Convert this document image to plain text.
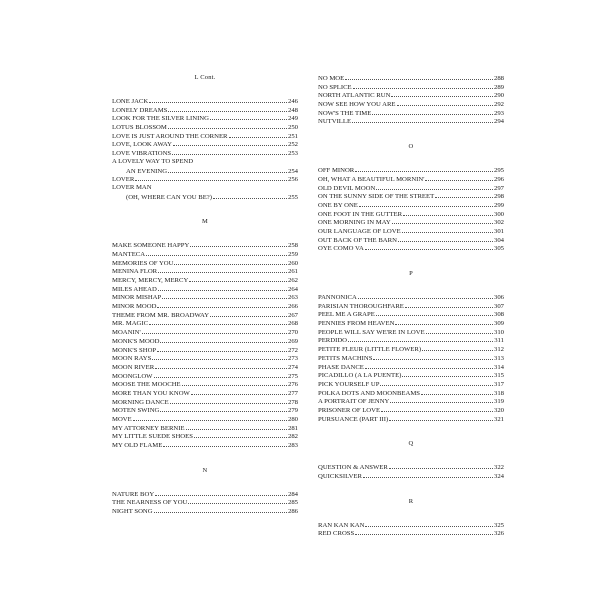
L Cont.
LONE JACK	246
LONELY DREAMS	248
LOOK FOR THE SILVER LINING	249
LOTUS BLOSSOM	250
LOVE IS JUST AROUND THE CORNER	251
LOVE, LOOK AWAY	252
LOVE VIBRATIONS	253
A LOVELY WAY TO SPEND
AN EVENING	254
LOVER	256
LOVER MAN
(OH, WHERE CAN YOU BE?)	255
M
MAKE SOMEONE HAPPY	258
MANTECA	259
MEMORIES OF YOU	260
MENINA FLOR	261
MERCY, MERCY, MERCY	262
MILES AHEAD	264
MINOR MISHAP	263
MINOR MOOD	266
THEME FROM MR. BROADWAY	267
MR. MAGIC	268
MOANIN'	270
MONK'S MOOD	269
MONK'S SHOP	272
MOON RAYS	273
MOON RIVER	274
MOONGLOW	275
MOOSE THE MOOCHE	276
MORE THAN YOU KNOW	277
MORNING DANCE	278
MOTEN SWING	279
MOVE	280
MY ATTORNEY BERNIE	281
MY LITTLE SUEDE SHOES	282
MY OLD FLAME	283
N
NATURE BOY	284
THE NEARNESS OF YOU	285
NIGHT SONG	286
NO MOE	288
NO SPLICE	289
NORTH ATLANTIC RUN	290
NOW SEE HOW YOU ARE	292
NOW'S THE TIME	293
NUTVILLE	294
O
OFF MINOR	295
OH, WHAT A BEAUTIFUL MORNIN'	296
OLD DEVIL MOON	297
ON THE SUNNY SIDE OF THE STREET	298
ONE BY ONE	299
ONE FOOT IN THE GUTTER	300
ONE MORNING IN MAY	302
OUR LANGUAGE OF LOVE	301
OUT BACK OF THE BARN	304
OYE COMO VA	305
P
PANNONICA	306
PARISIAN THOROUGHFARE	307
PEEL ME A GRAPE	308
PENNIES FROM HEAVEN	309
PEOPLE WILL SAY WE'RE IN LOVE	310
PERDIDO	311
PETITE FLEUR (LITTLE FLOWER)	312
PETITS MACHINS	313
PHASE DANCE	314
PICADILLO (A LA PUENTE)	315
PICK YOURSELF UP	317
POLKA DOTS AND MOONBEAMS	318
A PORTRAIT OF JENNY	319
PRISONER OF LOVE	320
PURSUANCE (PART III)	321
Q
QUESTION & ANSWER	322
QUICKSILVER	324
R
RAN KAN KAN	325
RED CROSS	326
